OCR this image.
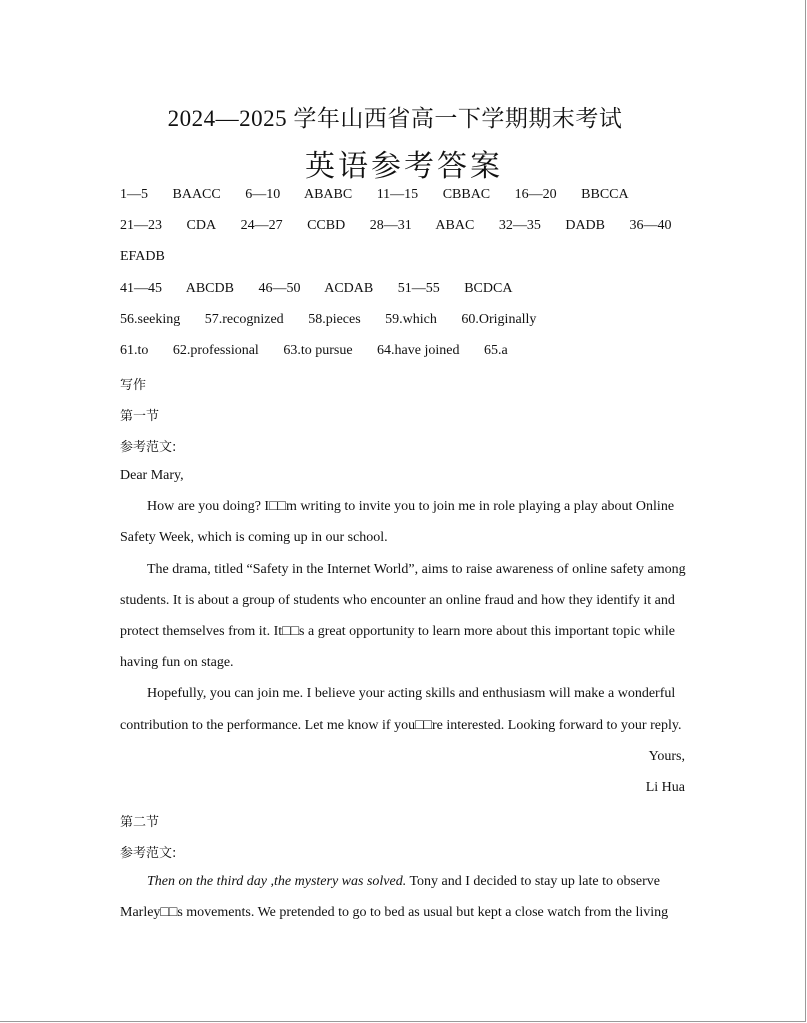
2024—2025 学年山西省高一下学期期末考试
英语参考答案
1—5 BAACC 6—10 ABABC 11—15 CBBAC 16—20 BBCCA
21—23 CDA 24—27 CCBD 28—31 ABAC 32—35 DADB 36—40
EFADB
41—45 ABCDB 46—50 ACDAB 51—55 BCDCA
56.seeking 57.recognized 58.pieces 59.which 60.Originally
61.to 62.professional 63.to pursue 64.have joined 65.a
写作
第一节
参考范文:
Dear Mary,
How are you doing? I□□m writing to invite you to join me in role playing a play about Online
Safety Week, which is coming up in our school.
The drama, titled “Safety in the Internet World”, aims to raise awareness of online safety among
students. It is about a group of students who encounter an online fraud and how they identify it and
protect themselves from it. It□□s a great opportunity to learn more about this important topic while
having fun on stage.
Hopefully, you can join me. I believe your acting skills and enthusiasm will make a wonderful
contribution to the performance. Let me know if you□□re interested. Looking forward to your reply.
Yours,
Li Hua
第二节
参考范文:
Then on the third day ,the mystery was solved. Tony and I decided to stay up late to observe
Marley□□s movements. We pretended to go to bed as usual but kept a close watch from the living
